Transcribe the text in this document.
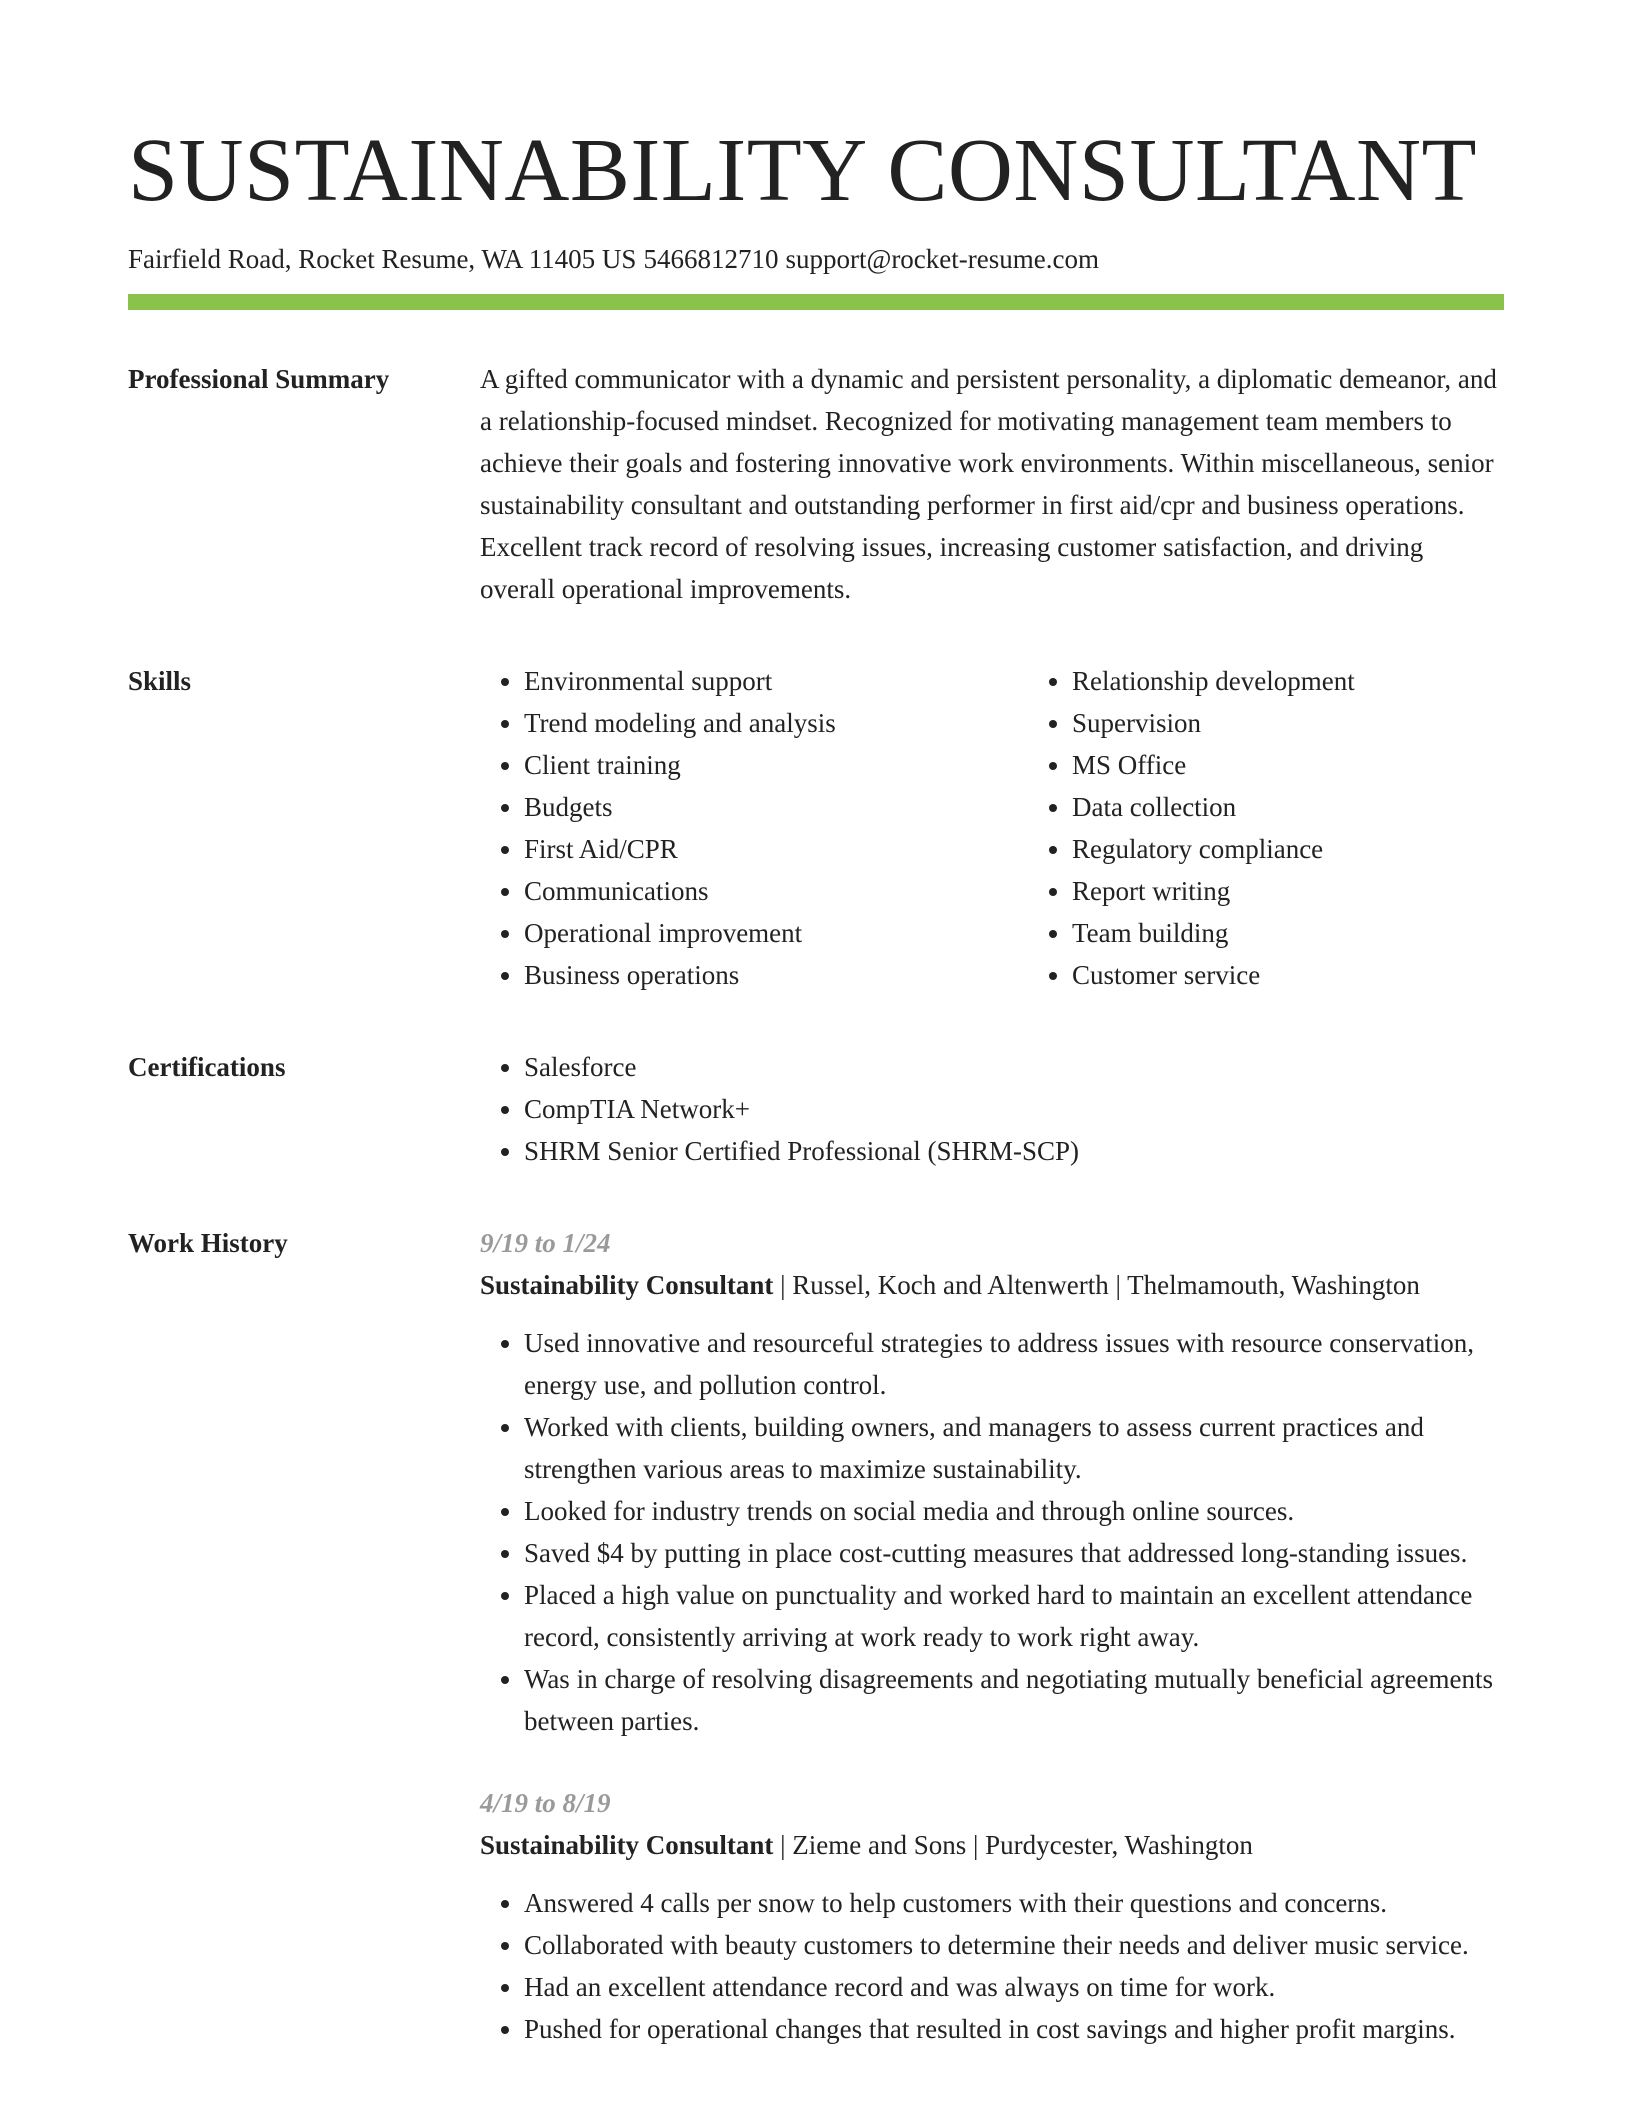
SUSTAINABILITY CONSULTANT
Fairfield Road, Rocket Resume, WA 11405 US 5466812710 support@rocket-resume.com
Professional Summary	A gifted communicator with a dynamic and persistent personality, a diplomatic demeanor, and a relationship-focused mindset. Recognized for motivating management team members to achieve their goals and fostering innovative work environments. Within miscellaneous, senior sustainability consultant and outstanding performer in first aid/cpr and business operations. Excellent track record of resolving issues, increasing customer satisfaction, and driving overall operational improvements.

Skills	• Environmental support
• Trend modeling and analysis
• Client training
• Budgets
• First Aid/CPR
• Communications
• Operational improvement
• Business operations
• Relationship development
• Supervision
• MS Office
• Data collection
• Regulatory compliance
• Report writing
• Team building
• Customer service
Certifications	• Salesforce
• CompTIA Network+
• SHRM Senior Certified Professional (SHRM-SCP)
Work History	9/19 to 1/24
Sustainability Consultant | Russel, Koch and Altenwerth | Thelmamouth, Washington
• Used innovative and resourceful strategies to address issues with resource conservation, energy use, and pollution control.
• Worked with clients, building owners, and managers to assess current practices and strengthen various areas to maximize sustainability.
• Looked for industry trends on social media and through online sources.
• Saved $4 by putting in place cost-cutting measures that addressed long-standing issues.
• Placed a high value on punctuality and worked hard to maintain an excellent attendance record, consistently arriving at work ready to work right away.
• Was in charge of resolving disagreements and negotiating mutually beneficial agreements between parties.
4/19 to 8/19
Sustainability Consultant | Zieme and Sons | Purdycester, Washington
• Answered 4 calls per snow to help customers with their questions and concerns.
• Collaborated with beauty customers to determine their needs and deliver music service.
• Had an excellent attendance record and was always on time for work.
• Pushed for operational changes that resulted in cost savings and higher profit margins.
